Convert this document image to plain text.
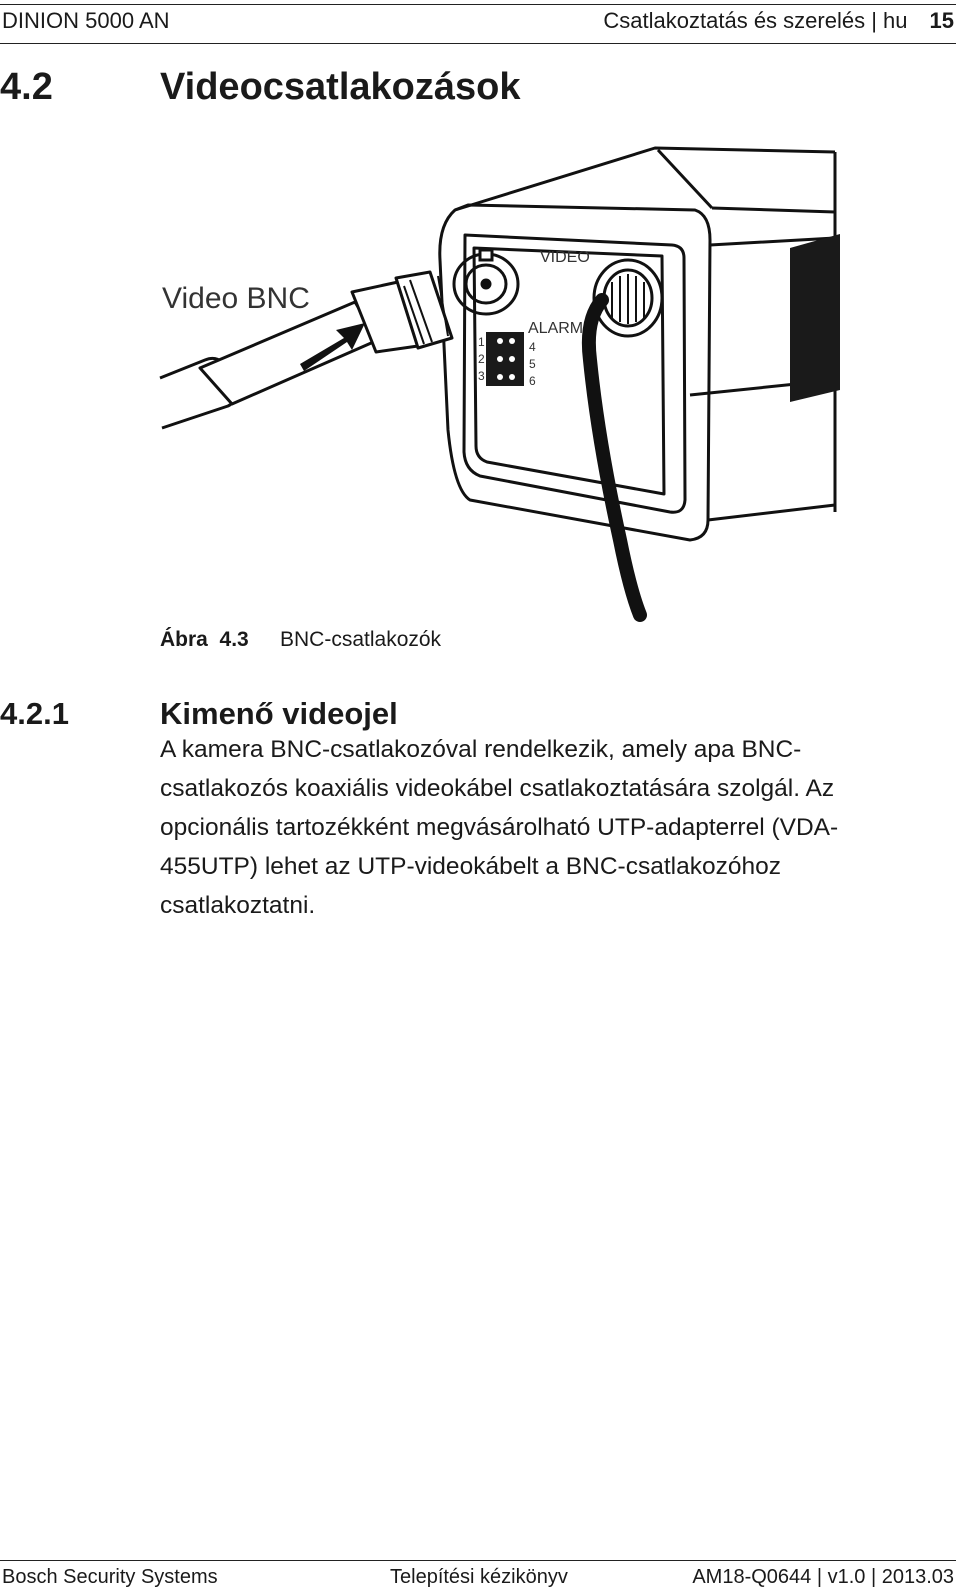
DINION 5000 AN	Csatlakoztatás és szerelés | hu 15
4.2	Videocsatlakozások
VIDEO
ALARM
1
2
3
4
5
6
Video BNC
Ábra  4.3 BNC-csatlakozók
4.2.1	Kimenő videojel
A kamera BNC-csatlakozóval rendelkezik, amely apa BNC-
csatlakozós koaxiális videokábel csatlakoztatására szolgál. Az
opcionális tartozékként megvásárolható UTP-adapterrel (VDA-
455UTP) lehet az UTP-videokábelt a BNC-csatlakozóhoz
csatlakoztatni.
Bosch Security Systems	Telepítési kézikönyv	AM18-Q0644 | v1.0 | 2013.03
